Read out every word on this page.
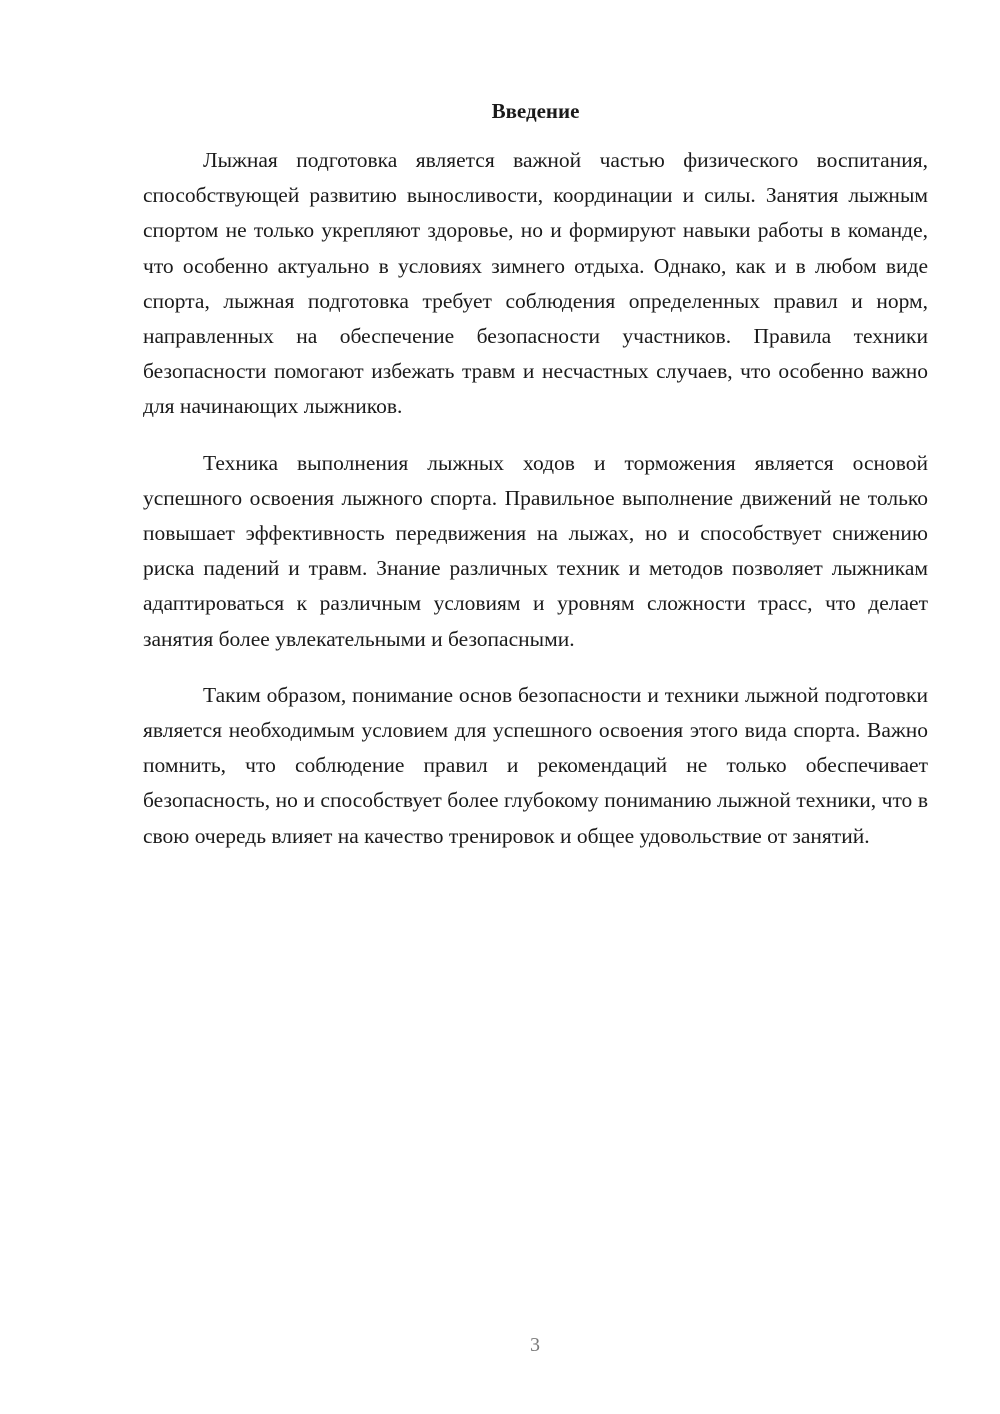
Введение

Лыжная подготовка является важной частью физического воспитания, способствующей развитию выносливости, координации и силы. Занятия лыжным спортом не только укрепляют здоровье, но и формируют навыки работы в команде, что особенно актуально в условиях зимнего отдыха. Однако, как и в любом виде спорта, лыжная подготовка требует соблюдения определенных правил и норм, направленных на обеспечение безопасности участников. Правила техники безопасности помогают избежать травм и несчастных случаев, что особенно важно для начинающих лыжников.

Техника выполнения лыжных ходов и торможения является основой успешного освоения лыжного спорта. Правильное выполнение движений не только повышает эффективность передвижения на лыжах, но и способствует снижению риска падений и травм. Знание различных техник и методов позволяет лыжникам адаптироваться к различным условиям и уровням сложности трасс, что делает занятия более увлекательными и безопасными.

Таким образом, понимание основ безопасности и техники лыжной подготовки является необходимым условием для успешного освоения этого вида спорта. Важно помнить, что соблюдение правил и рекомендаций не только обеспечивает безопасность, но и способствует более глубокому пониманию лыжной техники, что в свою очередь влияет на качество тренировок и общее удовольствие от занятий.

3
